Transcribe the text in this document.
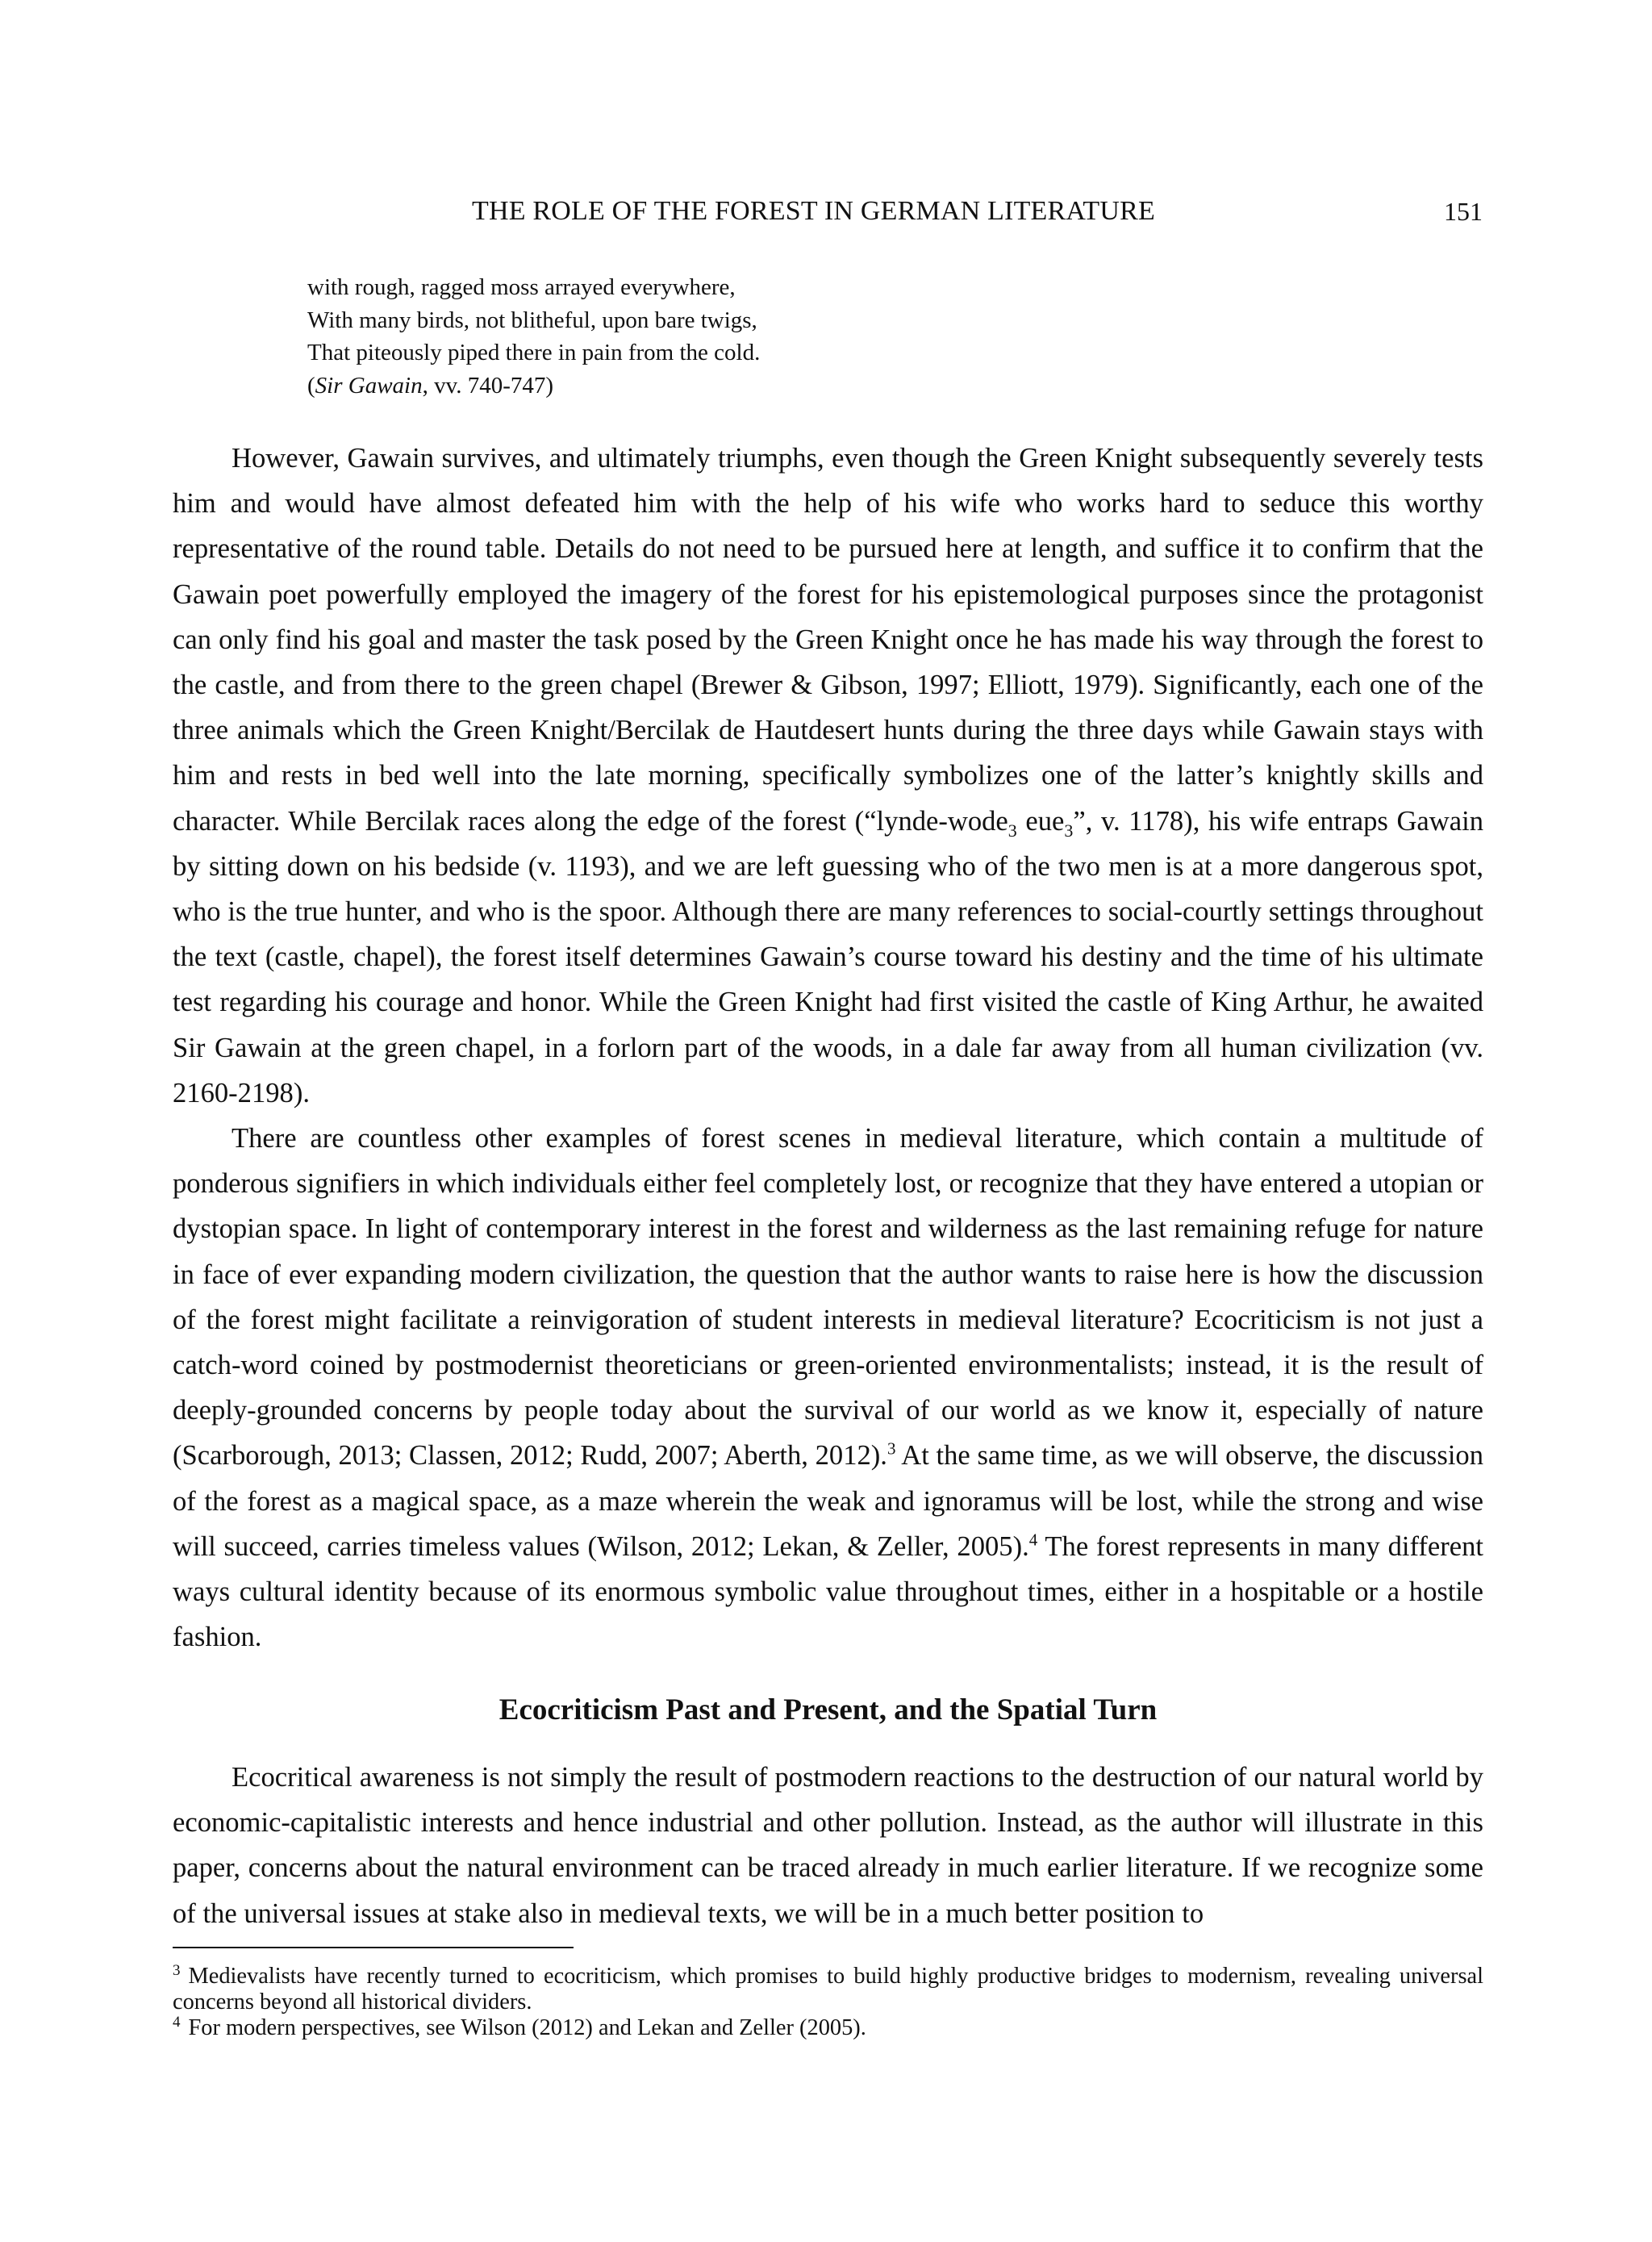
THE ROLE OF THE FOREST IN GERMAN LITERATURE	151
with rough, ragged moss arrayed everywhere,
With many birds, not blitheful, upon bare twigs,
That piteously piped there in pain from the cold.
(Sir Gawain, vv. 740-747)

However, Gawain survives, and ultimately triumphs, even though the Green Knight subsequently severely tests him and would have almost defeated him with the help of his wife who works hard to seduce this worthy representative of the round table. Details do not need to be pursued here at length, and suffice it to confirm that the Gawain poet powerfully employed the imagery of the forest for his epistemological purposes since the protagonist can only find his goal and master the task posed by the Green Knight once he has made his way through the forest to the castle, and from there to the green chapel (Brewer & Gibson, 1997; Elliott, 1979). Significantly, each one of the three animals which the Green Knight/Bercilak de Hautdesert hunts during the three days while Gawain stays with him and rests in bed well into the late morning, specifically symbolizes one of the latter’s knightly skills and character. While Bercilak races along the edge of the forest (“lynde-wode$_3$ eue$_3$”, v. 1178), his wife entraps Gawain by sitting down on his bedside (v. 1193), and we are left guessing who of the two men is at a more dangerous spot, who is the true hunter, and who is the spoor. Although there are many references to social-courtly settings throughout the text (castle, chapel), the forest itself determines Gawain’s course toward his destiny and the time of his ultimate test regarding his courage and honor. While the Green Knight had first visited the castle of King Arthur, he awaited Sir Gawain at the green chapel, in a forlorn part of the woods, in a dale far away from all human civilization (vv. 2160-2198).

There are countless other examples of forest scenes in medieval literature, which contain a multitude of ponderous signifiers in which individuals either feel completely lost, or recognize that they have entered a utopian or dystopian space. In light of contemporary interest in the forest and wilderness as the last remaining refuge for nature in face of ever expanding modern civilization, the question that the author wants to raise here is how the discussion of the forest might facilitate a reinvigoration of student interests in medieval literature? Ecocriticism is not just a catch-word coined by postmodernist theoreticians or green-oriented environmentalists; instead, it is the result of deeply-grounded concerns by people today about the survival of our world as we know it, especially of nature (Scarborough, 2013; Classen, 2012; Rudd, 2007; Aberth, 2012).$^3$ At the same time, as we will observe, the discussion of the forest as a magical space, as a maze wherein the weak and ignoramus will be lost, while the strong and wise will succeed, carries timeless values (Wilson, 2012; Lekan, & Zeller, 2005).$^4$ The forest represents in many different ways cultural identity because of its enormous symbolic value throughout times, either in a hospitable or a hostile fashion.

Ecocriticism Past and Present, and the Spatial Turn

Ecocritical awareness is not simply the result of postmodern reactions to the destruction of our natural world by economic-capitalistic interests and hence industrial and other pollution. Instead, as the author will illustrate in this paper, concerns about the natural environment can be traced already in much earlier literature. If we recognize some of the universal issues at stake also in medieval texts, we will be in a much better position to

$^3$ Medievalists have recently turned to ecocriticism, which promises to build highly productive bridges to modernism, revealing universal concerns beyond all historical dividers.

$^4$ For modern perspectives, see Wilson (2012) and Lekan and Zeller (2005).
